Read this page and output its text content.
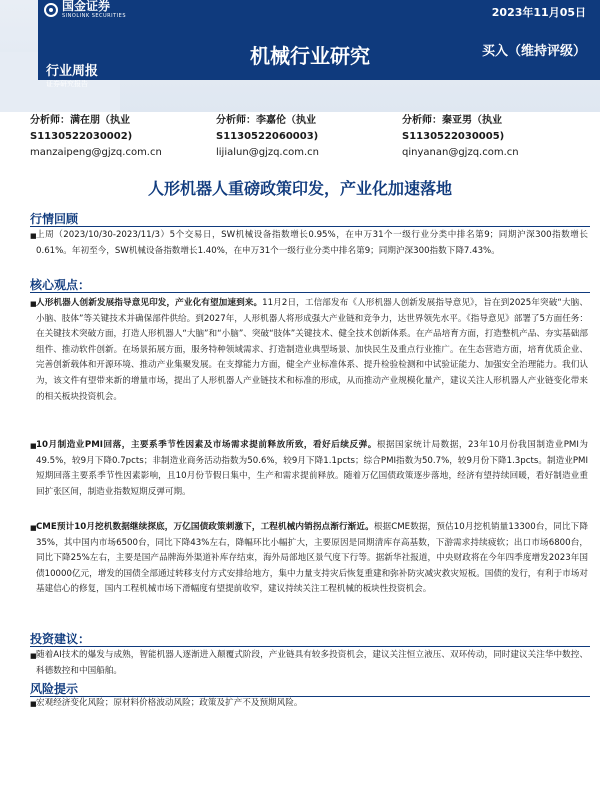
国金证券
SINOLINK SECURITIES	2023年11月05日
机械行业研究	买入（维持评级）
行业周报
证券研究报告
分析师：满在朋（执业
S1130522030002)
manzaipeng@gjzq.com.cn
分析师：李嘉伦（执业
S1130522060003)
lijialun@gjzq.com.cn
分析师：秦亚男（执业
S1130522030005)
qinyanan@gjzq.com.cn
人形机器人重磅政策印发，产业化加速落地
行情回顾
■ 上周（2023/10/30-2023/11/3）5个交易日，SW机械设备指数增长0.95%，在申万31个一级行业分类中排名第9；同期沪深300指数增长0.61%。年初至今，SW机械设备指数增长1.40%，在申万31个一级行业分类中排名第9；同期沪深300指数下降7.43%。
核心观点：
■ 人形机器人创新发展指导意见印发，产业化有望加速到来。11月2日，工信部发布《人形机器人创新发展指导意见》，旨在到2025年突破“大脑、小脑、肢体”等关键技术并确保部件供给。到2027年，人形机器人将形成强大产业链和竞争力，达世界领先水平。《指导意见》部署了5方面任务：在关键技术突破方面，打造人形机器人“大脑”和“小脑”、突破“肢体”关键技术、健全技术创新体系。在产品培育方面，打造整机产品、夯实基础部组件、推动软件创新。在场景拓展方面，服务特种领域需求、打造制造业典型场景、加快民生及重点行业推广。在生态营造方面，培育优质企业、完善创新载体和开源环境、推动产业集聚发展。在支撑能力方面，健全产业标准体系、提升检验检测和中试验证能力、加强安全治理能力。我们认为，该文件有望带来新的增量市场，提出了人形机器人产业链技术和标准的形成，从而推动产业规模化量产，建议关注人形机器人产业链变化带来的相关板块投资机会。
■ 10月制造业PMI回落，主要系季节性因素及市场需求提前释放所致，看好后续反弹。根据国家统计局数据，23年10月份我国制造业PMI为49.5%，较9月下降0.7pcts；非制造业商务活动指数为50.6%，较9月下降1.1pcts；综合PMI指数为50.7%，较9月份下降1.3pcts。制造业PMI短期回落主要系季节性因素影响，且10月份节假日集中，生产和需求提前释放。随着万亿国债政策逐步落地，经济有望持续回暖，看好制造业重回扩张区间，制造业指数短期反弹可期。
■ CME预计10月挖机数据继续探底，万亿国债政策刺激下，工程机械内销拐点渐行渐近。根据CME数据，预估10月挖机销量13300台，同比下降35%，其中国内市场6500台，同比下降43%左右，降幅环比小幅扩大，主要原因是同期清库存高基数，下游需求持续疲软；出口市场6800台，同比下降25%左右，主要是国产品牌海外渠道补库存结束，海外局部地区景气度下行等。据新华社报道，中央财政将在今年四季度增发2023年国债10000亿元，增发的国债全部通过转移支付方式安排给地方，集中力量支持灾后恢复重建和弥补防灾减灾救灾短板。国债的发行，有利于市场对基建信心的修复，国内工程机械市场下滑幅度有望提前收窄，建议持续关注工程机械的板块性投资机会。
投资建议：
■ 随着AI技术的爆发与成熟，智能机器人逐渐进入颠覆式阶段，产业链具有较多投资机会，建议关注恒立液压、双环传动，同时建议关注华中数控、科德数控和中国船舶。
风险提示
■ 宏观经济变化风险；原材料价格波动风险；政策及扩产不及预期风险。
